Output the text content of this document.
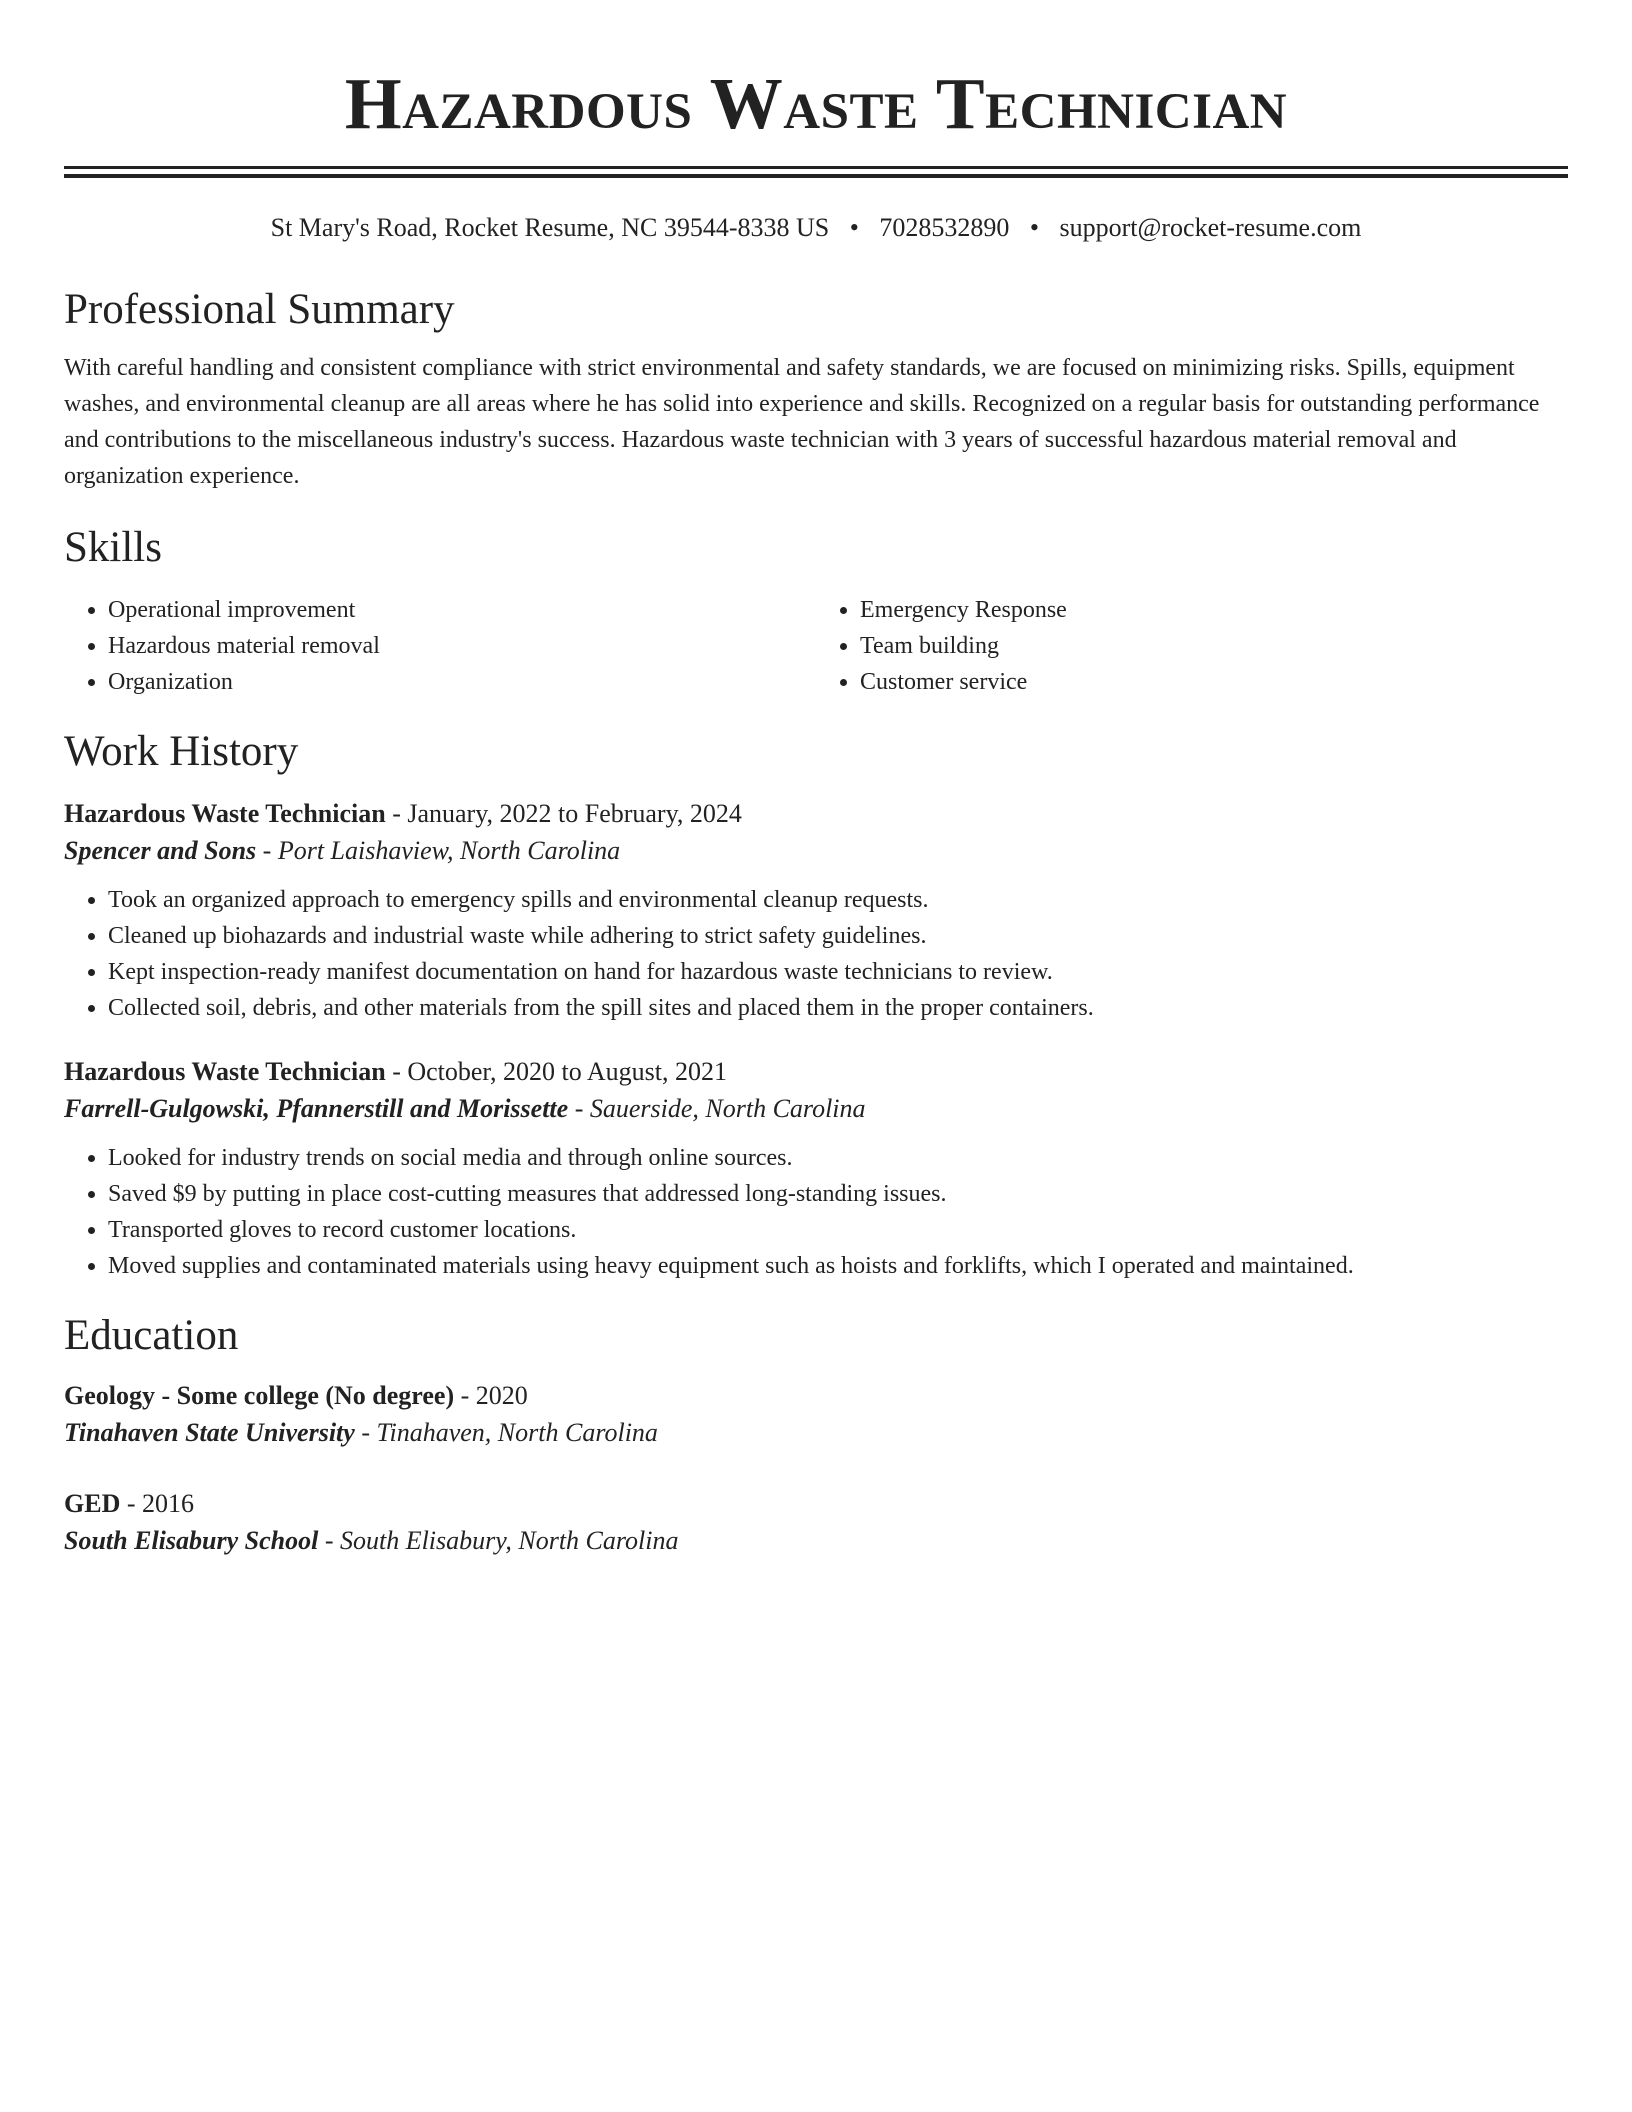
Hazardous Waste Technician
St Mary's Road, Rocket Resume, NC 39544-8338 US • 7028532890 • support@rocket-resume.com
Professional Summary
With careful handling and consistent compliance with strict environmental and safety standards, we are focused on minimizing risks. Spills, equipment washes, and environmental cleanup are all areas where he has solid into experience and skills. Recognized on a regular basis for outstanding performance and contributions to the miscellaneous industry's success. Hazardous waste technician with 3 years of successful hazardous material removal and organization experience.
Skills
• Operational improvement
• Hazardous material removal
• Organization
• Emergency Response
• Team building
• Customer service
Work History
Hazardous Waste Technician - January, 2022 to February, 2024
Spencer and Sons - Port Laishaview, North Carolina
• Took an organized approach to emergency spills and environmental cleanup requests.
• Cleaned up biohazards and industrial waste while adhering to strict safety guidelines.
• Kept inspection-ready manifest documentation on hand for hazardous waste technicians to review.
• Collected soil, debris, and other materials from the spill sites and placed them in the proper containers.
Hazardous Waste Technician - October, 2020 to August, 2021
Farrell-Gulgowski, Pfannerstill and Morissette - Sauerside, North Carolina
• Looked for industry trends on social media and through online sources.
• Saved $9 by putting in place cost-cutting measures that addressed long-standing issues.
• Transported gloves to record customer locations.
• Moved supplies and contaminated materials using heavy equipment such as hoists and forklifts, which I operated and maintained.
Education
Geology - Some college (No degree) - 2020
Tinahaven State University - Tinahaven, North Carolina
GED - 2016
South Elisabury School - South Elisabury, North Carolina
